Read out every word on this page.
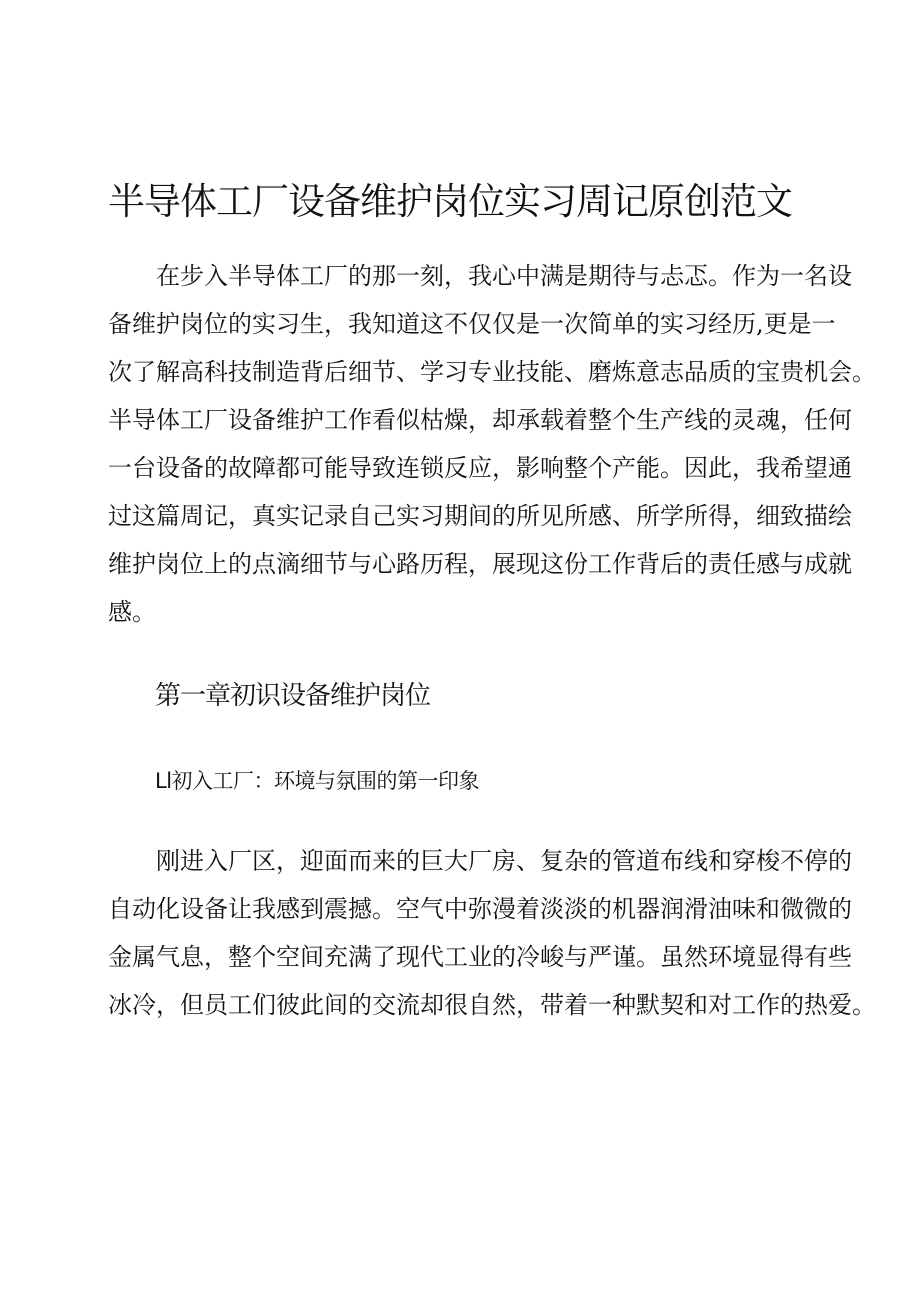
半导体工厂设备维护岗位实习周记原创范文
在步入半导体工厂的那一刻，我心中满是期待与忐忑。作为一名设
备维护岗位的实习生，我知道这不仅仅是一次简单的实习经历,更是一
次了解高科技制造背后细节、学习专业技能、磨炼意志品质的宝贵机会。
半导体工厂设备维护工作看似枯燥，却承载着整个生产线的灵魂，任何
一台设备的故障都可能导致连锁反应，影响整个产能。因此，我希望通
过这篇周记，真实记录自己实习期间的所见所感、所学所得，细致描绘
维护岗位上的点滴细节与心路历程，展现这份工作背后的责任感与成就
感。
第一章初识设备维护岗位
Ll初入工厂：环境与氛围的第一印象
刚进入厂区，迎面而来的巨大厂房、复杂的管道布线和穿梭不停的
自动化设备让我感到震撼。空气中弥漫着淡淡的机器润滑油味和微微的
金属气息，整个空间充满了现代工业的冷峻与严谨。虽然环境显得有些
冰冷，但员工们彼此间的交流却很自然，带着一种默契和对工作的热爱。
